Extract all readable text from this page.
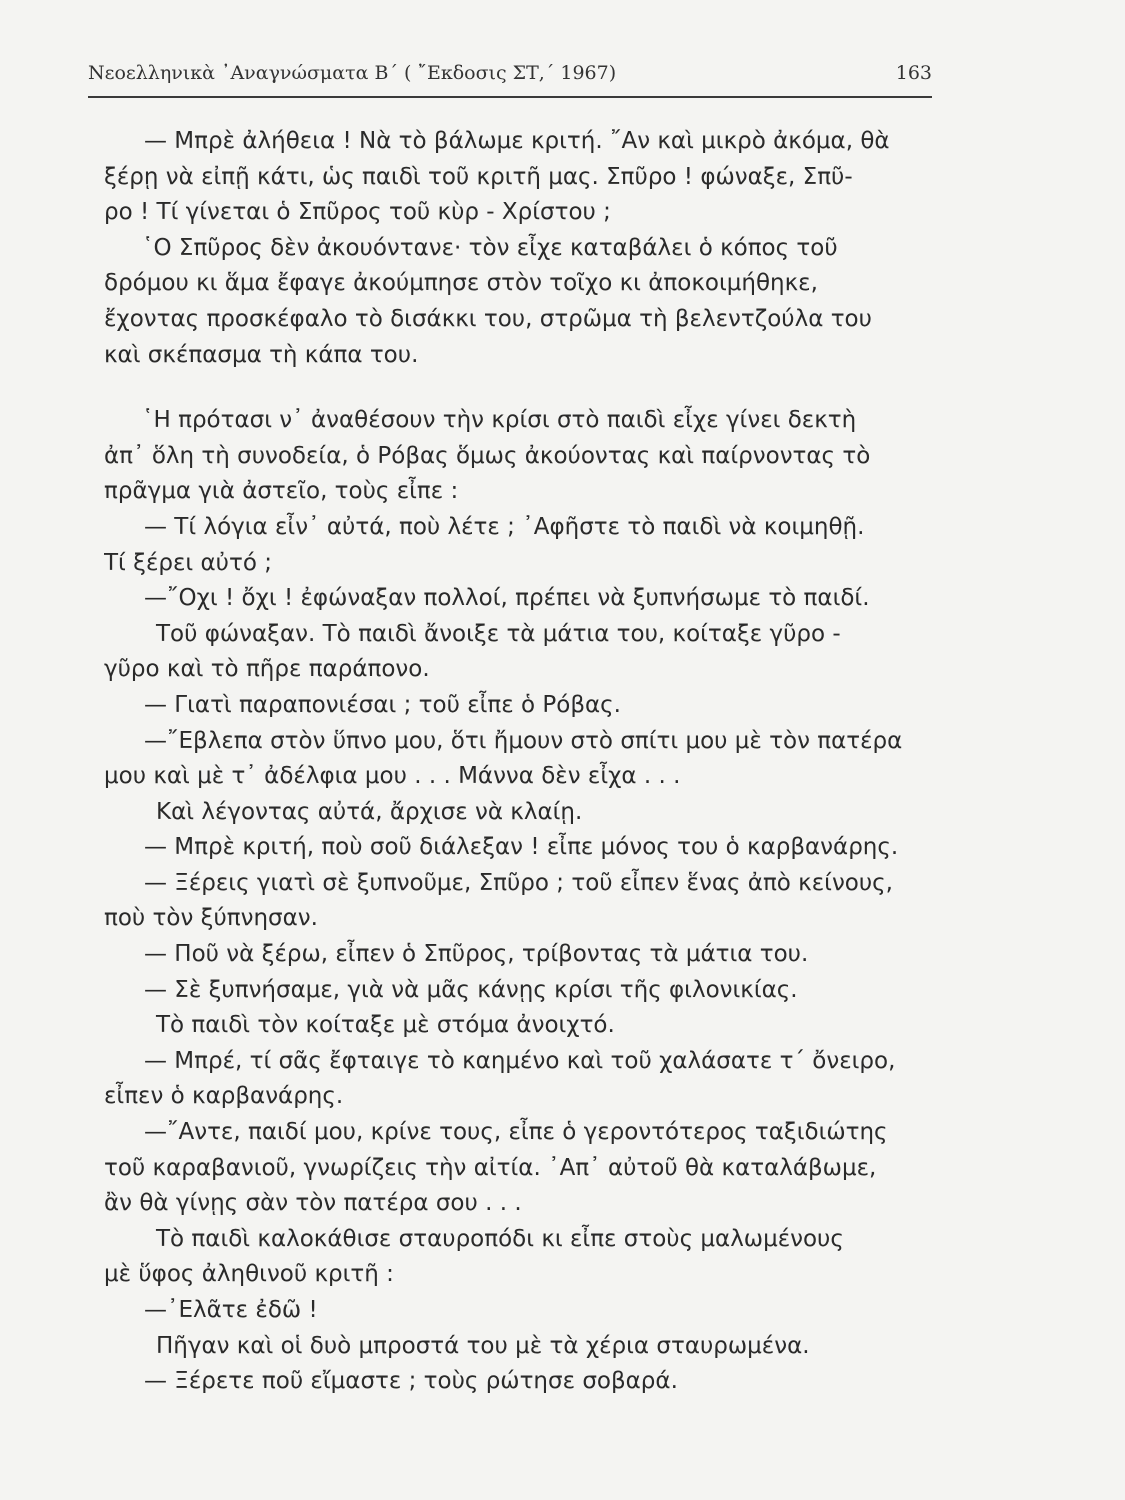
Νεοελληνικὰ ᾿Αναγνώσματα Β΄ ( ῎Εκδοσις ΣΤ,΄ 1967)	163
— Μπρὲ ἀλήθεια ! Νὰ τὸ βάλωμε κριτή. ῎Αν καὶ μικρὸ ἀκόμα, θὰ
ξέρῃ νὰ εἰπῇ κάτι, ὡς παιδὶ τοῦ κριτῆ μας. Σπῦρο ! φώναξε, Σπῦ-
ρο ! Τί γίνεται ὁ Σπῦρος τοῦ κὺρ - Χρίστου ;
῾Ο Σπῦρος δὲν ἀκουόντανε· τὸν εἶχε καταβάλει ὁ κόπος τοῦ
δρόμου κι ἅμα ἔφαγε ἀκούμπησε στὸν τοῖχο κι ἀποκοιμήθηκε,
ἔχοντας προσκέφαλο τὸ δισάκκι του, στρῶμα τὴ βελεντζούλα του
καὶ σκέπασμα τὴ κάπα του.
῾Η πρότασι ν᾿ ἀναθέσουν τὴν κρίσι στὸ παιδὶ εἶχε γίνει δεκτὴ
ἀπ᾿ ὅλη τὴ συνοδεία, ὁ Ρόβας ὅμως ἀκούοντας καὶ παίρνοντας τὸ
πρᾶγμα γιὰ ἀστεῖο, τοὺς εἶπε :
— Τί λόγια εἶν᾿ αὐτά, ποὺ λέτε ; ᾿Αφῆστε τὸ παιδὶ νὰ κοιμηθῇ.
Τί ξέρει αὐτό ;
—῎Οχι ! ὄχι ! ἐφώναξαν πολλοί, πρέπει νὰ ξυπνήσωμε τὸ παιδί.
Τοῦ φώναξαν. Τὸ παιδὶ ἄνοιξε τὰ μάτια του, κοίταξε γῦρο -
γῦρο καὶ τὸ πῆρε παράπονο.
— Γιατὶ παραπονιέσαι ; τοῦ εἶπε ὁ Ρόβας.
—῎Εβλεπα στὸν ὕπνο μου, ὅτι ἤμουν στὸ σπίτι μου μὲ τὸν πατέρα
μου καὶ μὲ τ᾿ ἀδέλφια μου . . . Μάννα δὲν εἶχα . . .
Καὶ λέγοντας αὐτά, ἄρχισε νὰ κλαίῃ.
— Μπρὲ κριτή, ποὺ σοῦ διάλεξαν ! εἶπε μόνος του ὁ καρβανάρης.
— Ξέρεις γιατὶ σὲ ξυπνοῦμε, Σπῦρο ; τοῦ εἶπεν ἕνας ἀπὸ κείνους,
ποὺ τὸν ξύπνησαν.
— Ποῦ νὰ ξέρω, εἶπεν ὁ Σπῦρος, τρίβοντας τὰ μάτια του.
— Σὲ ξυπνήσαμε, γιὰ νὰ μᾶς κάνῃς κρίσι τῆς φιλονικίας.
Τὸ παιδὶ τὸν κοίταξε μὲ στόμα ἀνοιχτό.
— Μπρέ, τί σᾶς ἔφταιγε τὸ καημένο καὶ τοῦ χαλάσατε τ΄ ὄνειρο,
εἶπεν ὁ καρβανάρης.
—῎Αντε, παιδί μου, κρίνε τους, εἶπε ὁ γεροντότερος ταξιδιώτης
τοῦ καραβανιοῦ, γνωρίζεις τὴν αἰτία. ᾿Απ᾿ αὐτοῦ θὰ καταλάβωμε,
ἂν θὰ γίνῃς σὰν τὸν πατέρα σου . . .
Τὸ παιδὶ καλοκάθισε σταυροπόδι κι εἶπε στοὺς μαλωμένους
μὲ ὕφος ἀληθινοῦ κριτῆ :
—᾿Ελᾶτε ἐδῶ !
Πῆγαν καὶ οἱ δυὸ μπροστά του μὲ τὰ χέρια σταυρωμένα.
— Ξέρετε ποῦ εἴμαστε ; τοὺς ρώτησε σοβαρά.
